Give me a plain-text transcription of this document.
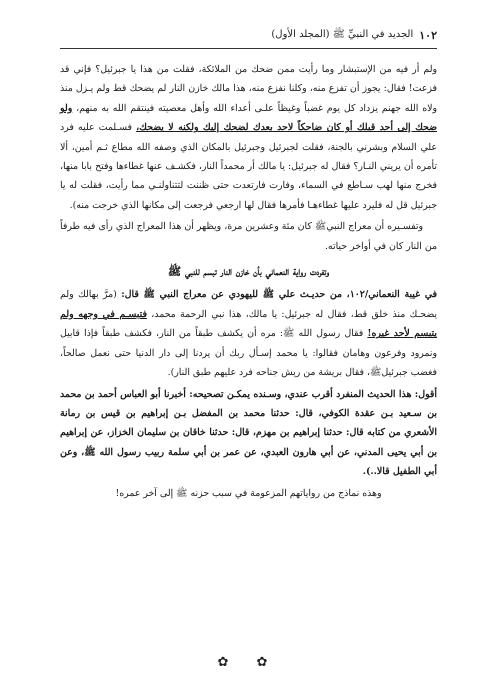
١٠٢
الجديد في النبيِّ ﷺ (المجلد الأول)

ولم أر فيه من الإستبشار وما رأيت ممن ضحك من الملائكة، فقلت من هذا يا جبرئيل؟ فإني قد فزعت! فقال: يجوز أن تفزع منه، وكلنا نفزع منه، هذا مالك خازن النار لم يضحك قط ولم يـزل منذ ولاه الله جهنم يزداد كل يوم غضباً وغيظاً علـى أعداء الله وأهل معصيته فينتقم الله به منهم، ولو ضحك إلى أحد قبلك أو كان ضاحكاً لاحد بعدك لضحك إليك ولكنه لا يضحك، فسـلمت عليه فرد علي السلام وبشرني بالجنة، فقلت لجبرئيل وجبرئيل بالمكان الذي وصفه الله مطاع ثـم أمين، ألا تأمره أن يريني النـار؟ فقال له جبرئيل: يا مالك أر محمداً النار، فكشـف عنها غطاءها وفتح بابا منها، فخرج منها لهب سـاطع في السماء، وفارت فارتعدت حتى ظننت لتتناولنـي مما رأيت، فقلت له يا جبرئيل قل له فليرد عليها غطاءهـا فأمرها فقال لها ارجعي فرجعت إلى مكانها الذي خرجت منه).

وتفسـيره أن معراج النبيﷺ كان مئة وعشرين مرة، ويظهر أن هذا المعراج الذي رأى فيه طرفاً من النار كان في أواخر حياته.

وتفردت رواية النعماني بأن خازن النار تبسم للنبي ﷺ

في غيبة النعماني/١٠٢، من حديـث علي ﷺ لليهودي عن معراج النبي ﷺ قال: (مرَّ بهالك ولم يضحـك منذ خلق قط، فقال له جبرئيل: يا مالك، هذا نبي الرحمة محمد، فتبسـم في وجهه ولم يتبسم لأحد غيره! فقال رسول الله ﷺ: مره أن يكشف طبقاً من النار، فكشف طبقاً فإذا قابيل ونمرود وفرعون وهامان فقالوا: يا محمد إسـأل ربك أن يردنا إلى دار الدنيا حتى نعمل صالحاً، فغضب جبرئيلﷺ، فقال بريشة من ريش جناحه فرد عليهم طبق النار).

أقول: هذا الحديث المنفرد أقرب عندي، وسـنده يمكـن تصحيحه: أخبرنا أبو العباس أحمد بن محمد بن سـعيد بـن عقدة الكوفي، قال: حدثنا محمد بن المفضل بـن إبراهيم بن قيس بن رمانة الأشعري من كتابه قال: حدثنا إبراهيم بن مهزم، قال: حدثنا خاقان بن سليمان الخزاز، عن إبراهيم بن أبي يحيى المدني، عن أبي هارون العبدي، عن عمر بن أبي سلمة ربيب رسول الله ﷺ، وعن أبي الطفيل قالا..).

وهذه نماذج من رواياتهم المزعومة في سبب حزنه ﷺ إلى آخر عمره!

✿ ✿
